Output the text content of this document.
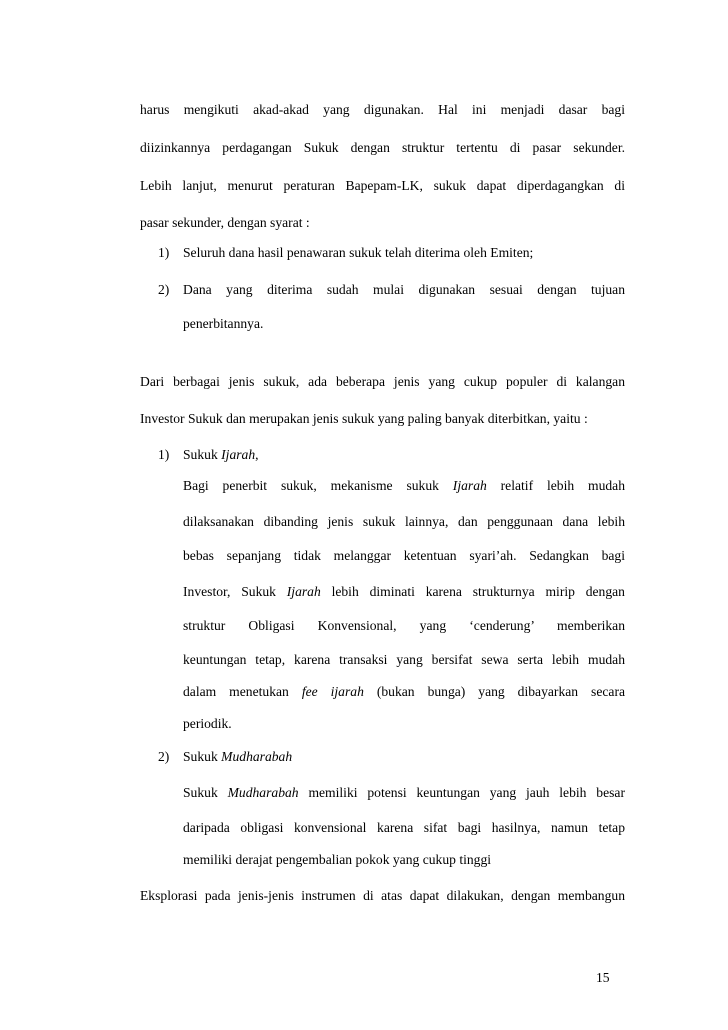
harus mengikuti akad-akad yang digunakan. Hal ini menjadi dasar bagi
diizinkannya perdagangan Sukuk dengan struktur tertentu di pasar sekunder.
Lebih lanjut, menurut peraturan Bapepam-LK, sukuk dapat diperdagangkan di
pasar sekunder, dengan syarat :
1)	Seluruh dana hasil penawaran sukuk telah diterima oleh Emiten;
2)	Dana yang diterima sudah mulai digunakan sesuai dengan tujuan
penerbitannya.
Dari berbagai jenis sukuk, ada beberapa jenis yang cukup populer di kalangan
Investor Sukuk dan merupakan jenis sukuk yang paling banyak diterbitkan, yaitu :
1)	Sukuk Ijarah,
Bagi penerbit sukuk, mekanisme sukuk Ijarah relatif lebih mudah
dilaksanakan dibanding jenis sukuk lainnya, dan penggunaan dana lebih
bebas sepanjang tidak melanggar ketentuan syari’ah. Sedangkan bagi
Investor, Sukuk Ijarah lebih diminati karena strukturnya mirip dengan
struktur Obligasi Konvensional, yang ‘cenderung’ memberikan
keuntungan tetap, karena transaksi yang bersifat sewa serta lebih mudah
dalam menetukan fee ijarah (bukan bunga) yang dibayarkan secara
periodik.
2)	Sukuk Mudharabah
Sukuk Mudharabah memiliki potensi keuntungan yang jauh lebih besar
daripada obligasi konvensional karena sifat bagi hasilnya, namun tetap
memiliki derajat pengembalian pokok yang cukup tinggi
Eksplorasi pada jenis-jenis instrumen di atas dapat dilakukan, dengan membangun
15
